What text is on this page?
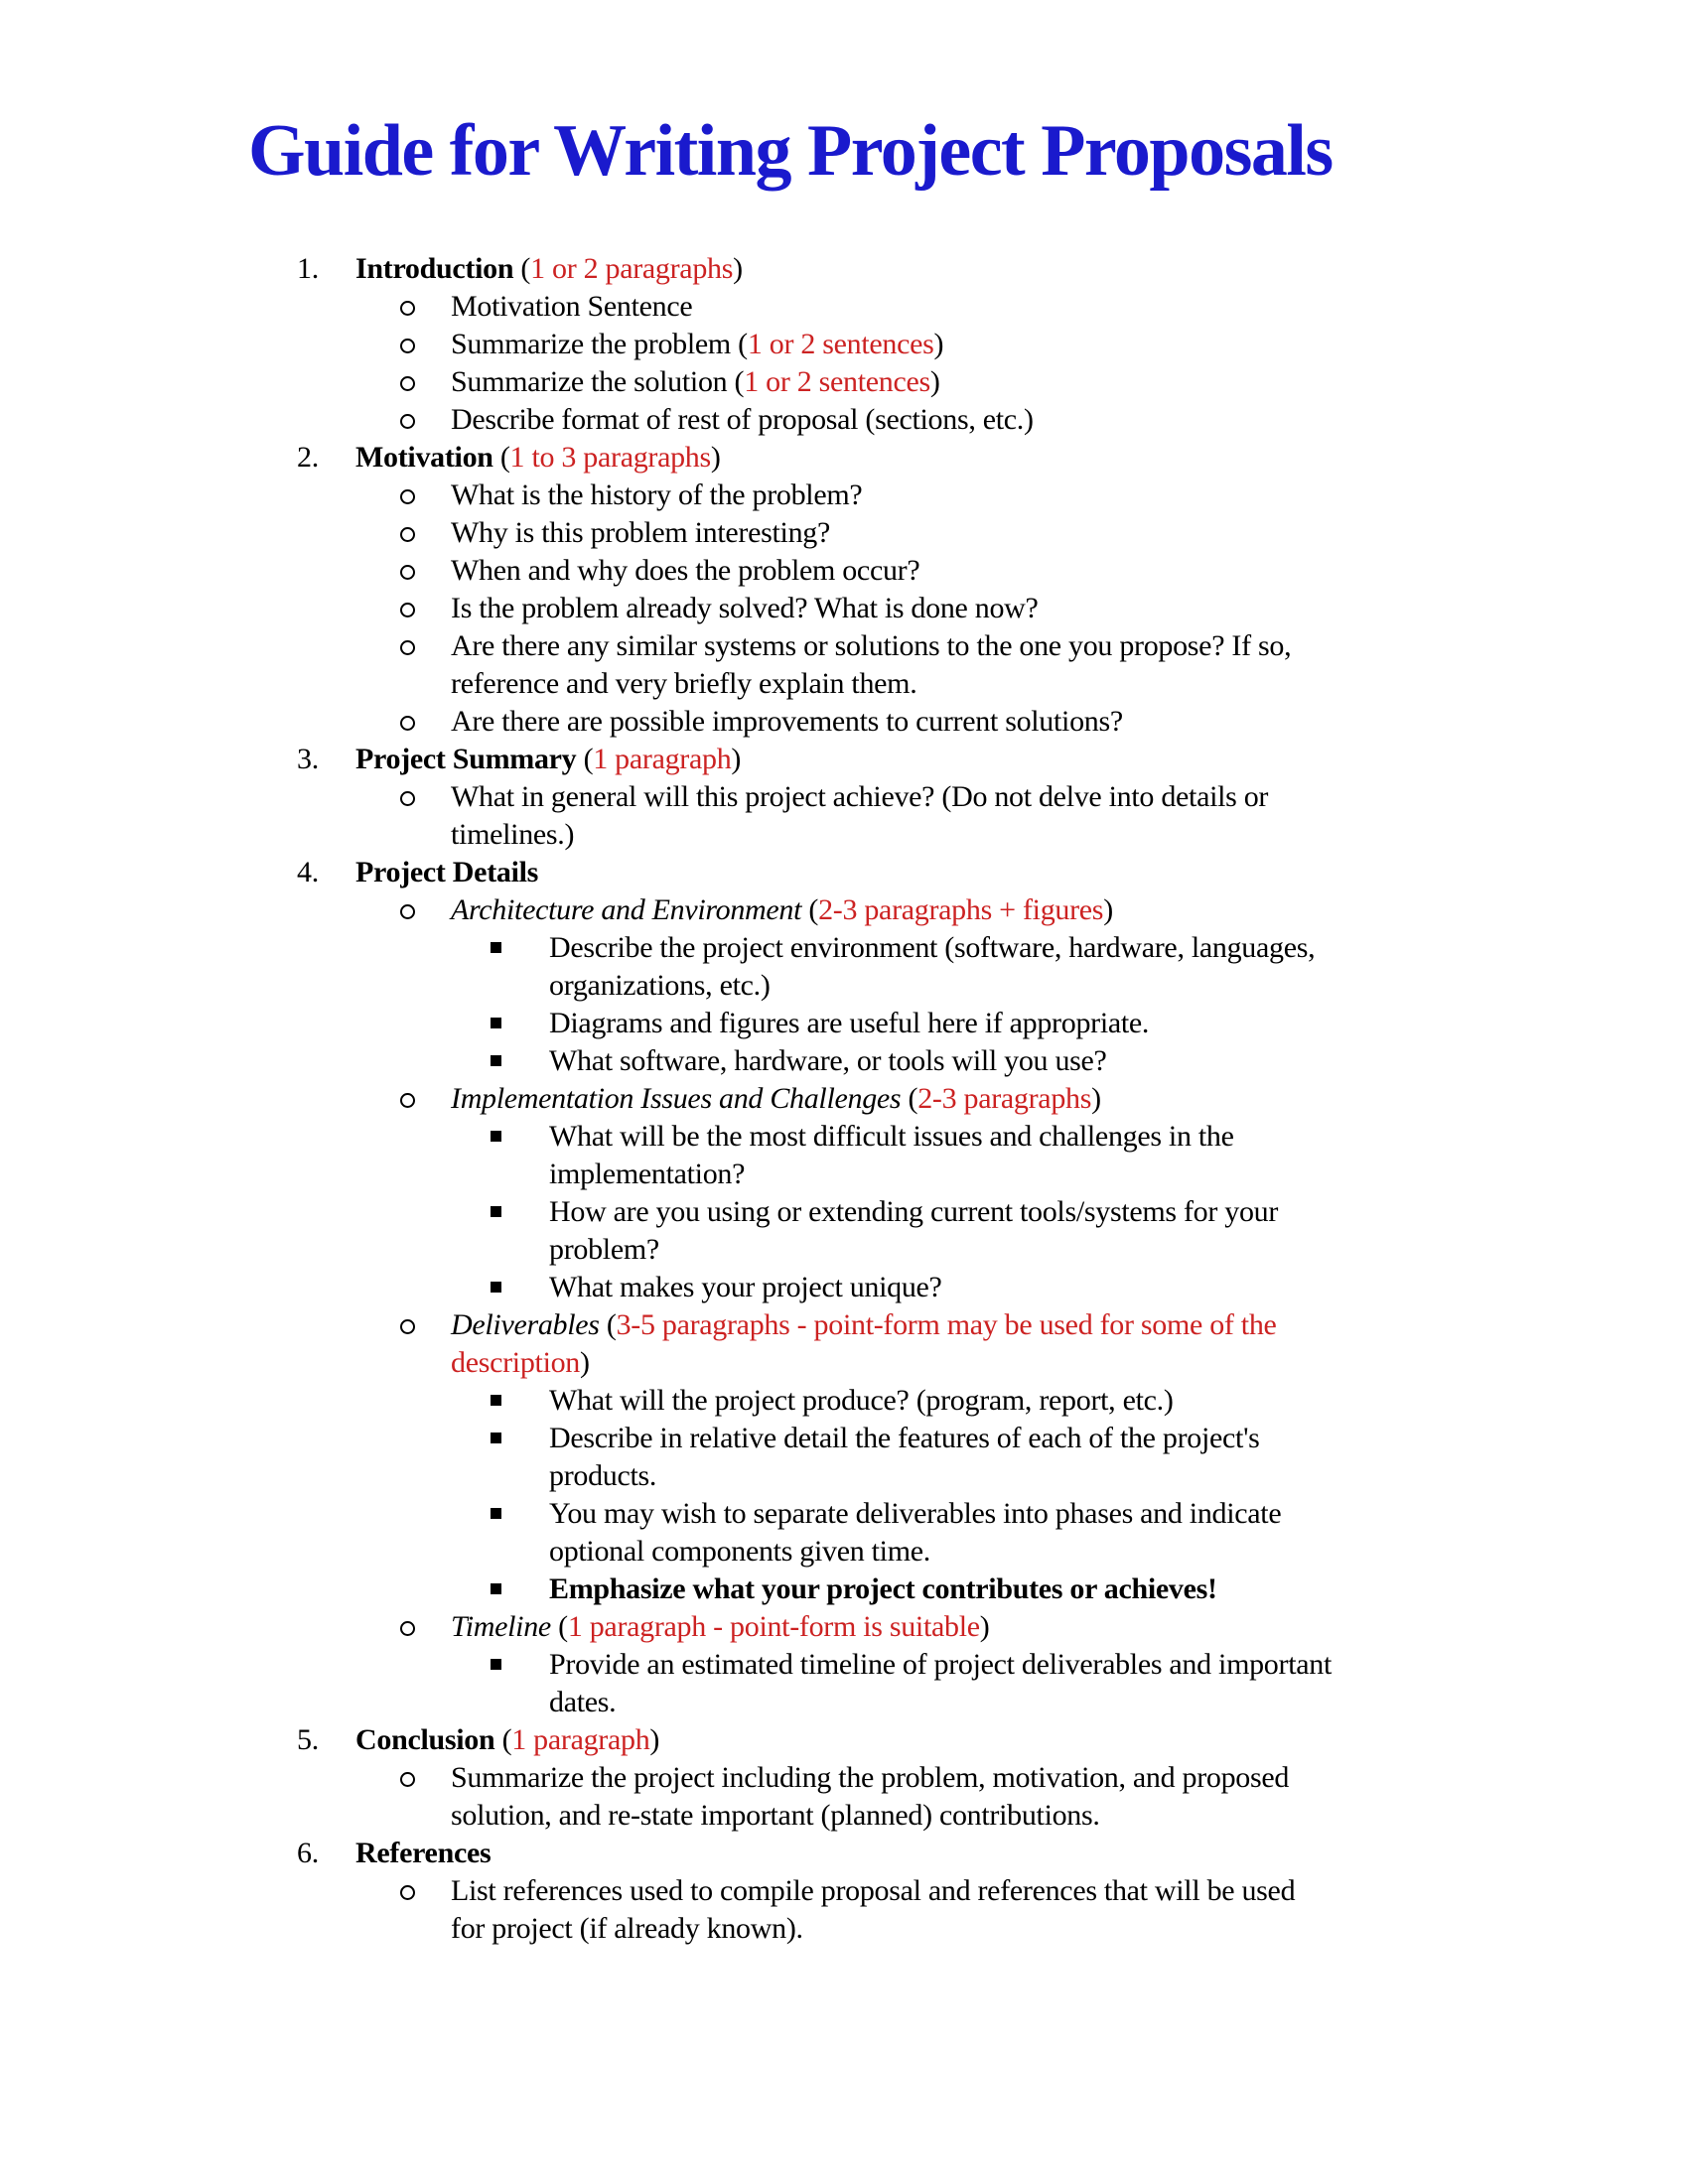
Guide for Writing Project Proposals
1. Introduction (1 or 2 paragraphs)
Motivation Sentence
Summarize the problem (1 or 2 sentences)
Summarize the solution (1 or 2 sentences)
Describe format of rest of proposal (sections, etc.)
2. Motivation (1 to 3 paragraphs)
What is the history of the problem?
Why is this problem interesting?
When and why does the problem occur?
Is the problem already solved? What is done now?
Are there any similar systems or solutions to the one you propose? If so,
reference and very briefly explain them.
Are there are possible improvements to current solutions?
3. Project Summary (1 paragraph)
What in general will this project achieve? (Do not delve into details or
timelines.)
4. Project Details
Architecture and Environment (2-3 paragraphs + figures)
Describe the project environment (software, hardware, languages,
organizations, etc.)
Diagrams and figures are useful here if appropriate.
What software, hardware, or tools will you use?
Implementation Issues and Challenges (2-3 paragraphs)
What will be the most difficult issues and challenges in the
implementation?
How are you using or extending current tools/systems for your
problem?
What makes your project unique?
Deliverables (3-5 paragraphs - point-form may be used for some of the
description)
What will the project produce? (program, report, etc.)
Describe in relative detail the features of each of the project's
products.
You may wish to separate deliverables into phases and indicate
optional components given time.
Emphasize what your project contributes or achieves!
Timeline (1 paragraph - point-form is suitable)
Provide an estimated timeline of project deliverables and important
dates.
5. Conclusion (1 paragraph)
Summarize the project including the problem, motivation, and proposed
solution, and re-state important (planned) contributions.
6. References
List references used to compile proposal and references that will be used
for project (if already known).
